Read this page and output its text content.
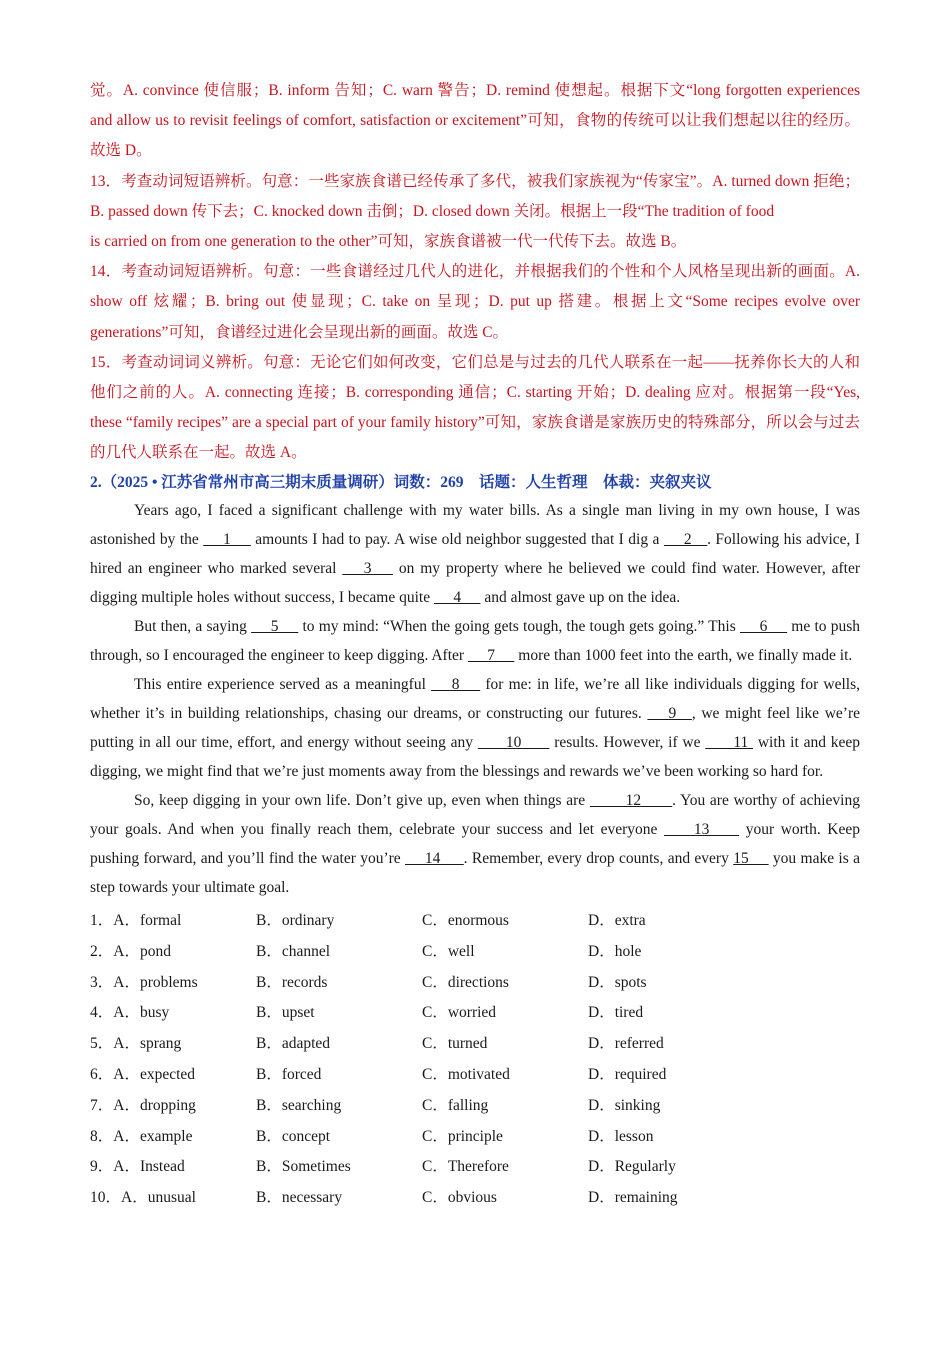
觉。A. convince 使信服；B. inform 告知；C. warn 警告；D. remind 使想起。根据下文“long forgotten experiences and allow us to revisit feelings of comfort, satisfaction or excitement”可知，食物的传统可以让我们想起以往的经历。故选 D。

13．考查动词短语辨析。句意：一些家族食谱已经传承了多代，被我们家族视为“传家宝”。A. turned down 拒绝；B. passed down 传下去；C. knocked down 击倒；D. closed down 关闭。根据上一段“The tradition of food

is carried on from one generation to the other”可知，家族食谱被一代一代传下去。故选 B。

14．考查动词短语辨析。句意：一些食谱经过几代人的进化，并根据我们的个性和个人风格呈现出新的画面。A. show off 炫耀；B. bring out 使显现；C. take on 呈现；D. put up 搭建。根据上文“Some recipes evolve over generations”可知，食谱经过进化会呈现出新的画面。故选 C。

15．考查动词词义辨析。句意：无论它们如何改变，它们总是与过去的几代人联系在一起——抚养你长大的人和他们之前的人。A. connecting 连接；B. corresponding 通信；C. starting 开始；D. dealing 应对。根据第一段“Yes, these “family recipes” are a special part of your family history”可知，家族食谱是家族历史的特殊部分，所以会与过去的几代人联系在一起。故选 A。

2.（2025 • 江苏省常州市高三期末质量调研）词数：269　话题：人生哲理　体裁：夹叙夹议

Years ago, I faced a significant challenge with my water bills. As a single man living in my own house, I was astonished by the  __1__  amounts I had to pay. A wise old neighbor suggested that I dig a  __2__. Following his advice, I hired an engineer who marked several  __3__  on my property where he believed we could find water. However, after digging multiple holes without success, I became quite  __4__  and almost gave up on the idea.

But then, a saying  __5__  to my mind: “When the going gets tough, the tough gets going.” This  __6__  me to push through, so I encouraged the engineer to keep digging. After  __7__  more than 1000 feet into the earth, we finally made it.

This entire experience served as a meaningful  __8__  for me: in life, we’re all like individuals digging for wells, whether it’s in building relationships, chasing our dreams, or constructing our futures.  __9__, we might feel like we’re putting in all our time, effort, and energy without seeing any  ___10___  results. However, if we  ___11  with it and keep digging, we might find that we’re just moments away from the blessings and rewards we’ve been working so hard for.

So, keep digging in your own life. Don’t give up, even when things are  ____12____. You are worthy of achieving your goals. And when you finally reach them, celebrate your success and let everyone  ___13___  your worth. Keep pushing forward, and you’ll find the water you’re  __14___. Remember, every drop counts, and every 15__  you make is a step towards your ultimate goal.

1．A．formal	B．ordinary	C．enormous	D．extra
2．A．pond	B．channel	C．well	D．hole
3．A．problems	B．records	C．directions	D．spots
4．A．busy	B．upset	C．worried	D．tired
5．A．sprang	B．adapted	C．turned	D．referred
6．A．expected	B．forced	C．motivated	D．required
7．A．dropping	B．searching	C．falling	D．sinking
8．A．example	B．concept	C．principle	D．lesson
9．A．Instead	B．Sometimes	C．Therefore	D．Regularly
10．A．unusual	B．necessary	C．obvious	D．remaining
